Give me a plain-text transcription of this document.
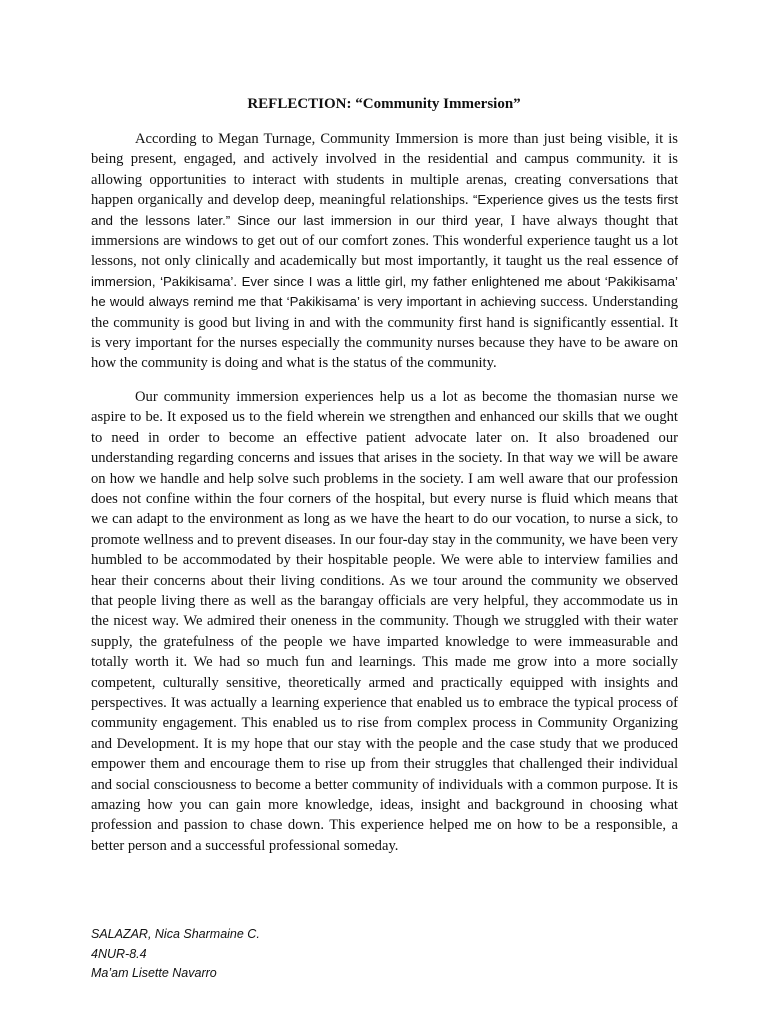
REFLECTION: “Community Immersion”

According to Megan Turnage, Community Immersion is more than just being visible, it is being present, engaged, and actively involved in the residential and campus community. it is allowing opportunities to interact with students in multiple arenas, creating conversations that happen organically and develop deep, meaningful relationships. “Experience gives us the tests first and the lessons later.” Since our last immersion in our third year, I have always thought that immersions are windows to get out of our comfort zones. This wonderful experience taught us a lot lessons, not only clinically and academically but most importantly, it taught us the real essence of immersion, ‘Pakikisama’. Ever since I was a little girl, my father enlightened me about ‘Pakikisama’ he would always remind me that ‘Pakikisama’ is very important in achieving success. Understanding the community is good but living in and with the community first hand is significantly essential. It is very important for the nurses especially the community nurses because they have to be aware on how the community is doing and what is the status of the community.

Our community immersion experiences help us a lot as become the thomasian nurse we aspire to be. It exposed us to the field wherein we strengthen and enhanced our skills that we ought to need in order to become an effective patient advocate later on. It also broadened our understanding regarding concerns and issues that arises in the society. In that way we will be aware on how we handle and help solve such problems in the society. I am well aware that our profession does not confine within the four corners of the hospital, but every nurse is fluid which means that we can adapt to the environment as long as we have the heart to do our vocation, to nurse a sick, to promote wellness and to prevent diseases. In our four-day stay in the community, we have been very humbled to be accommodated by their hospitable people. We were able to interview families and hear their concerns about their living conditions. As we tour around the community we observed that people living there as well as the barangay officials are very helpful, they accommodate us in the nicest way. We admired their oneness in the community. Though we struggled with their water supply, the gratefulness of the people we have imparted knowledge to were immeasurable and totally worth it. We had so much fun and learnings. This made me grow into a more socially competent, culturally sensitive, theoretically armed and practically equipped with insights and perspectives. It was actually a learning experience that enabled us to embrace the typical process of community engagement. This enabled us to rise from complex process in Community Organizing and Development. It is my hope that our stay with the people and the case study that we produced empower them and encourage them to rise up from their struggles that challenged their individual and social consciousness to become a better community of individuals with a common purpose. It is amazing how you can gain more knowledge, ideas, insight and background in choosing what profession and passion to chase down. This experience helped me on how to be a responsible, a better person and a successful professional someday.

SALAZAR, Nica Sharmaine C.
4NUR-8.4
Ma’am Lisette Navarro
